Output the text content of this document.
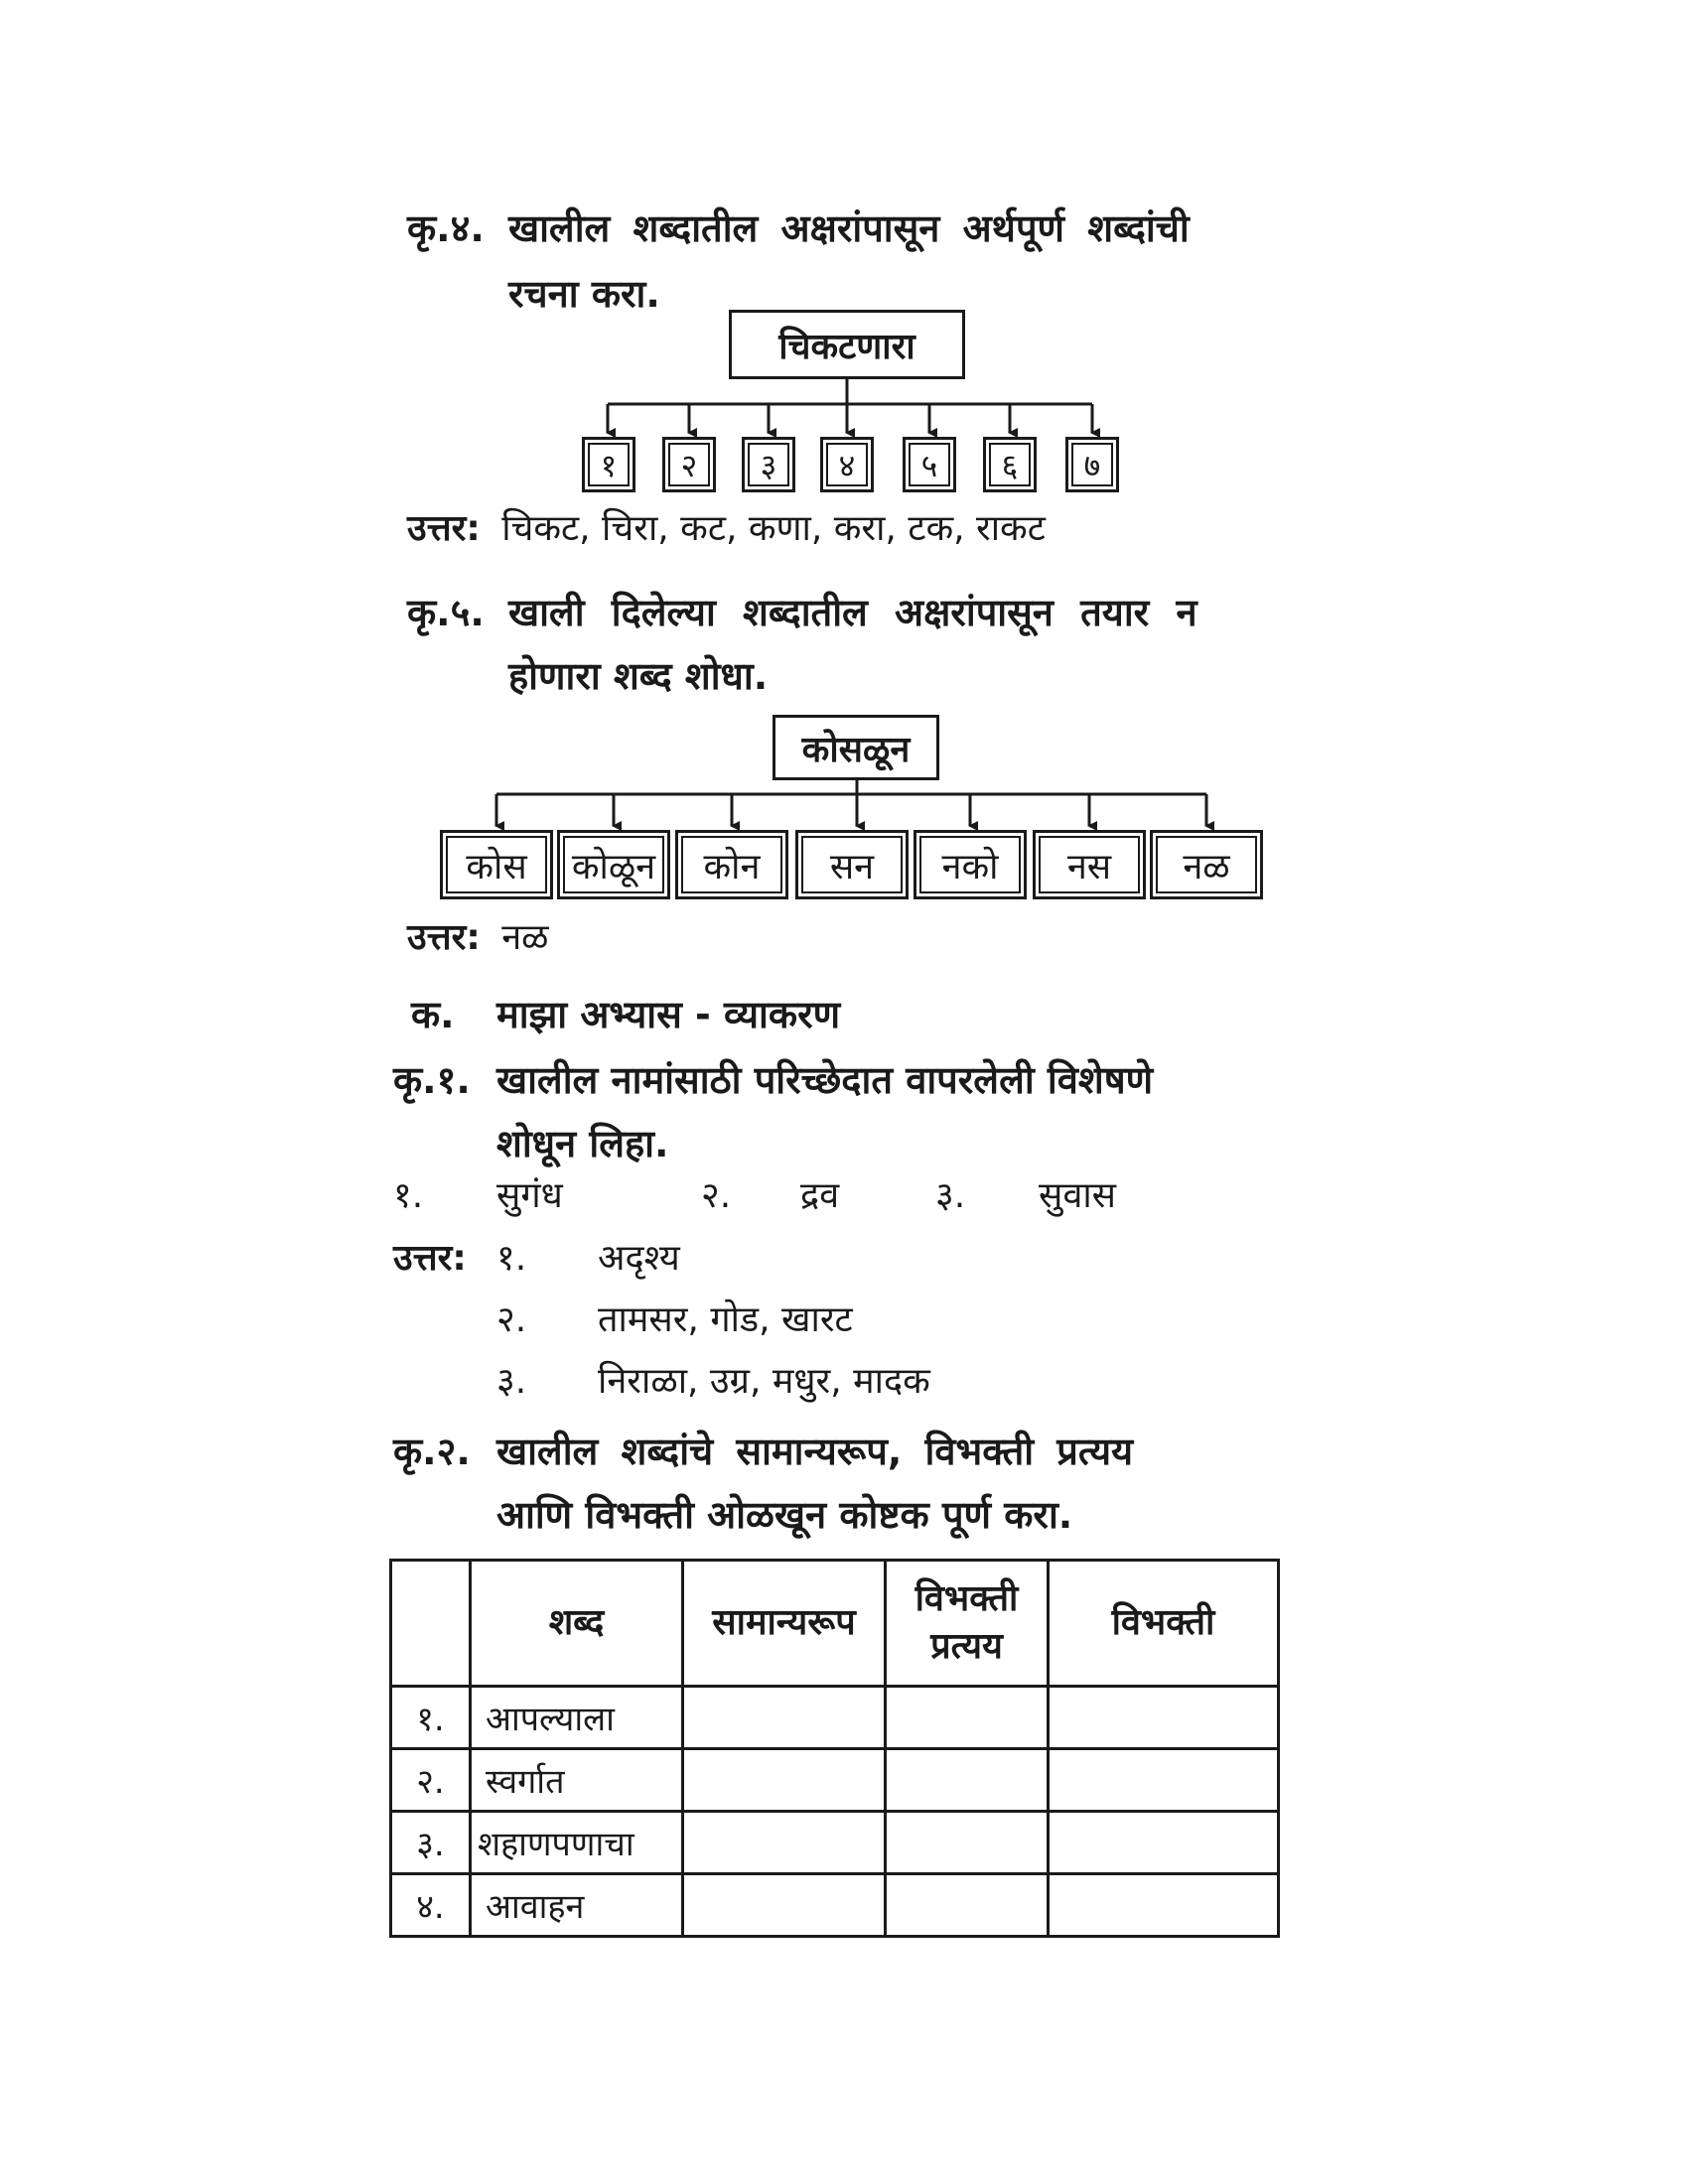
कृ.४. खालील शब्दातील अक्षरांपासून अर्थपूर्ण शब्दांची
रचना करा.
चिकटणारा
१ २ ३ ४ ५ ६ ७
उत्तर: चिकट, चिरा, कट, कणा, करा, टक, राकट
कृ.५. खाली दिलेल्या शब्दातील अक्षरांपासून तयार न
होणारा शब्द शोधा.
कोसळून
कोस कोळून कोन सन नको नस नळ
उत्तर: नळ
क. माझा अभ्यास - व्याकरण
कृ.१. खालील नामांसाठी परिच्छेदात वापरलेली विशेषणे
शोधून लिहा.
१. सुगंध	२. द्रव	३. सुवास
उत्तर: १. अदृश्य
२. तामसर, गोड, खारट
३. निराळा, उग्र, मधुर, मादक
कृ.२. खालील शब्दांचे सामान्यरूप, विभक्ती प्रत्यय
आणि विभक्ती ओळखून कोष्टक पूर्ण करा.
	शब्द	सामान्यरूप	विभक्ती प्रत्यय	विभक्ती
१.	आपल्याला			
२.	स्वर्गात			
३.	शहाणपणाचा			
४.	आवाहन			
